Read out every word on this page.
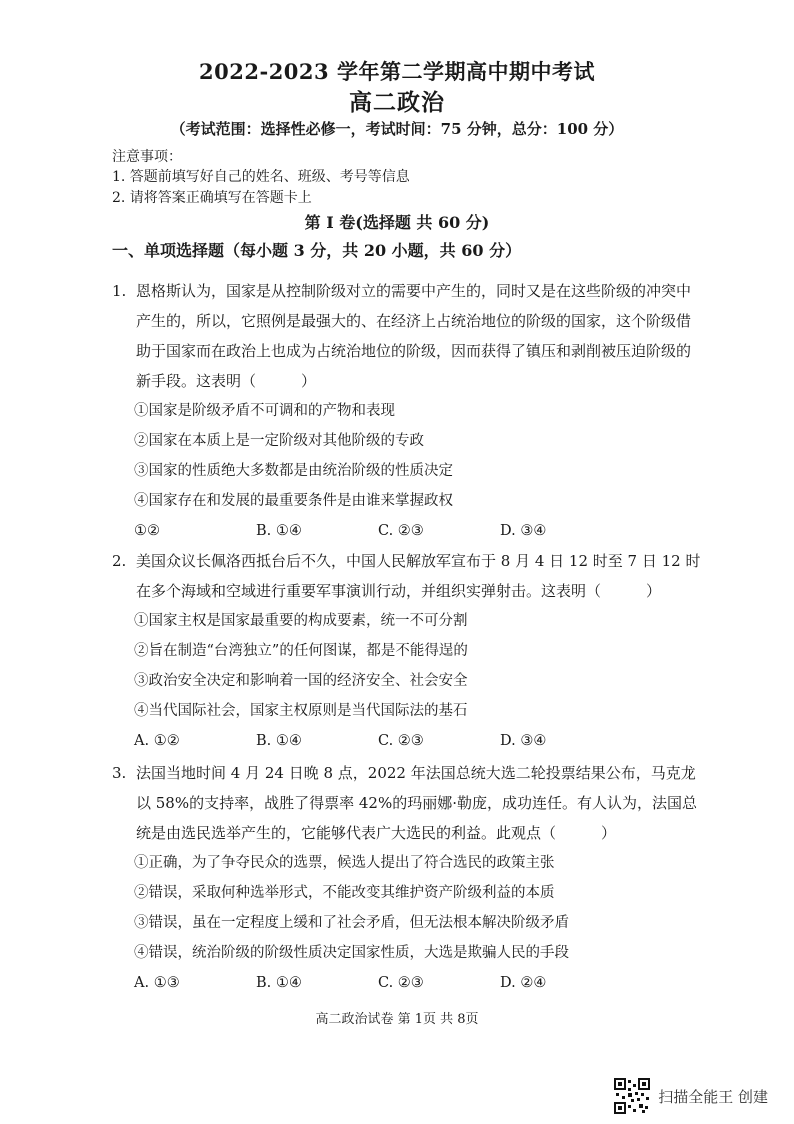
2022-2023 学年第二学期高中期中考试
高二政治
（考试范围：选择性必修一，考试时间：75 分钟，总分：100 分）
注意事项：
1. 答题前填写好自己的姓名、班级、考号等信息
2. 请将答案正确填写在答题卡上
第 I 卷(选择题 共 60 分)
一、单项选择题（每小题 3 分，共 20 小题，共 60 分）
1. 恩格斯认为，国家是从控制阶级对立的需要中产生的，同时又是在这些阶级的冲突中产生的，所以，它照例是最强大的、在经济上占统治地位的阶级的国家，这个阶级借助于国家而在政治上也成为占统治地位的阶级，因而获得了镇压和剥削被压迫阶级的新手段。这表明（　　　）
①国家是阶级矛盾不可调和的产物和表现
②国家在本质上是一定阶级对其他阶级的专政
③国家的性质绝大多数都是由统治阶级的性质决定
④国家存在和发展的最重要条件是由谁来掌握政权
①②	B. ①④	C. ②③	D. ③④
2. 美国众议长佩洛西抵台后不久，中国人民解放军宣布于 8 月 4 日 12 时至 7 日 12 时在多个海域和空域进行重要军事演训行动，并组织实弹射击。这表明（　　　）
①国家主权是国家最重要的构成要素，统一不可分割
②旨在制造“台湾独立”的任何图谋，都是不能得逞的
③政治安全决定和影响着一国的经济安全、社会安全
④当代国际社会，国家主权原则是当代国际法的基石
A. ①②	B. ①④	C. ②③	D. ③④
3. 法国当地时间 4 月 24 日晚 8 点，2022 年法国总统大选二轮投票结果公布，马克龙以 58%的支持率，战胜了得票率 42%的玛丽娜·勒庞，成功连任。有人认为，法国总统是由选民选举产生的，它能够代表广大选民的利益。此观点（　　　）
①正确，为了争夺民众的选票，候选人提出了符合选民的政策主张
②错误，采取何种选举形式，不能改变其维护资产阶级利益的本质
③错误，虽在一定程度上缓和了社会矛盾，但无法根本解决阶级矛盾
④错误，统治阶级的阶级性质决定国家性质，大选是欺骗人民的手段
A. ①③	B. ①④	C. ②③	D. ②④
高二政治试卷 第 1页 共 8页
扫描全能王 创建
